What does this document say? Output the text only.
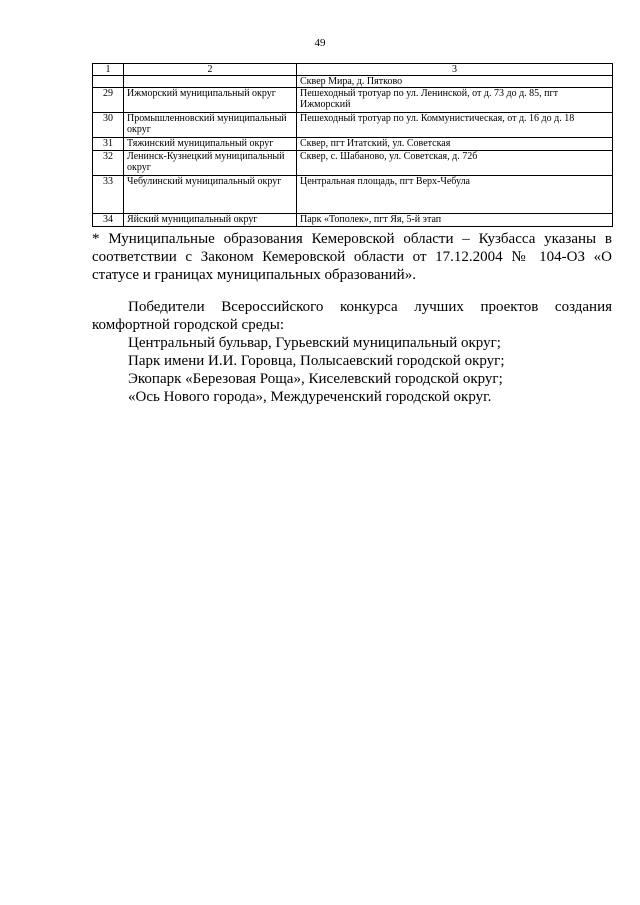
49
1	2	3
		Сквер Мира, д. Пятково
29	Ижморский муниципальный округ	Пешеходный тротуар по ул. Ленинской, от д. 73 до д. 85, пгт Ижморский
30	Промышленновский муниципальный округ	Пешеходный тротуар по ул. Коммунистическая, от д. 16 до д. 18
31	Тяжинский муниципальный округ	Сквер, пгт Итатский, ул. Советская
32	Ленинск-Кузнецкий муниципальный округ	Сквер, с. Шабаново, ул. Советская, д. 72б
33	Чебулинский муниципальный округ	Центральная площадь, пгт Верх-Чебула
34	Яйский муниципальный округ	Парк «Тополек», пгт Яя, 5-й этап

* Муниципальные образования Кемеровской области – Кузбасса указаны в соответствии с Законом Кемеровской области от 17.12.2004 № 104-ОЗ «О статусе и границах муниципальных образований».

Победители Всероссийского конкурса лучших проектов создания комфортной городской среды:

Центральный бульвар, Гурьевский муниципальный округ;
Парк имени И.И. Горовца, Полысаевский городской округ;
Экопарк «Березовая Роща», Киселевский городской округ;
«Ось Нового города», Междуреченский городской округ.
